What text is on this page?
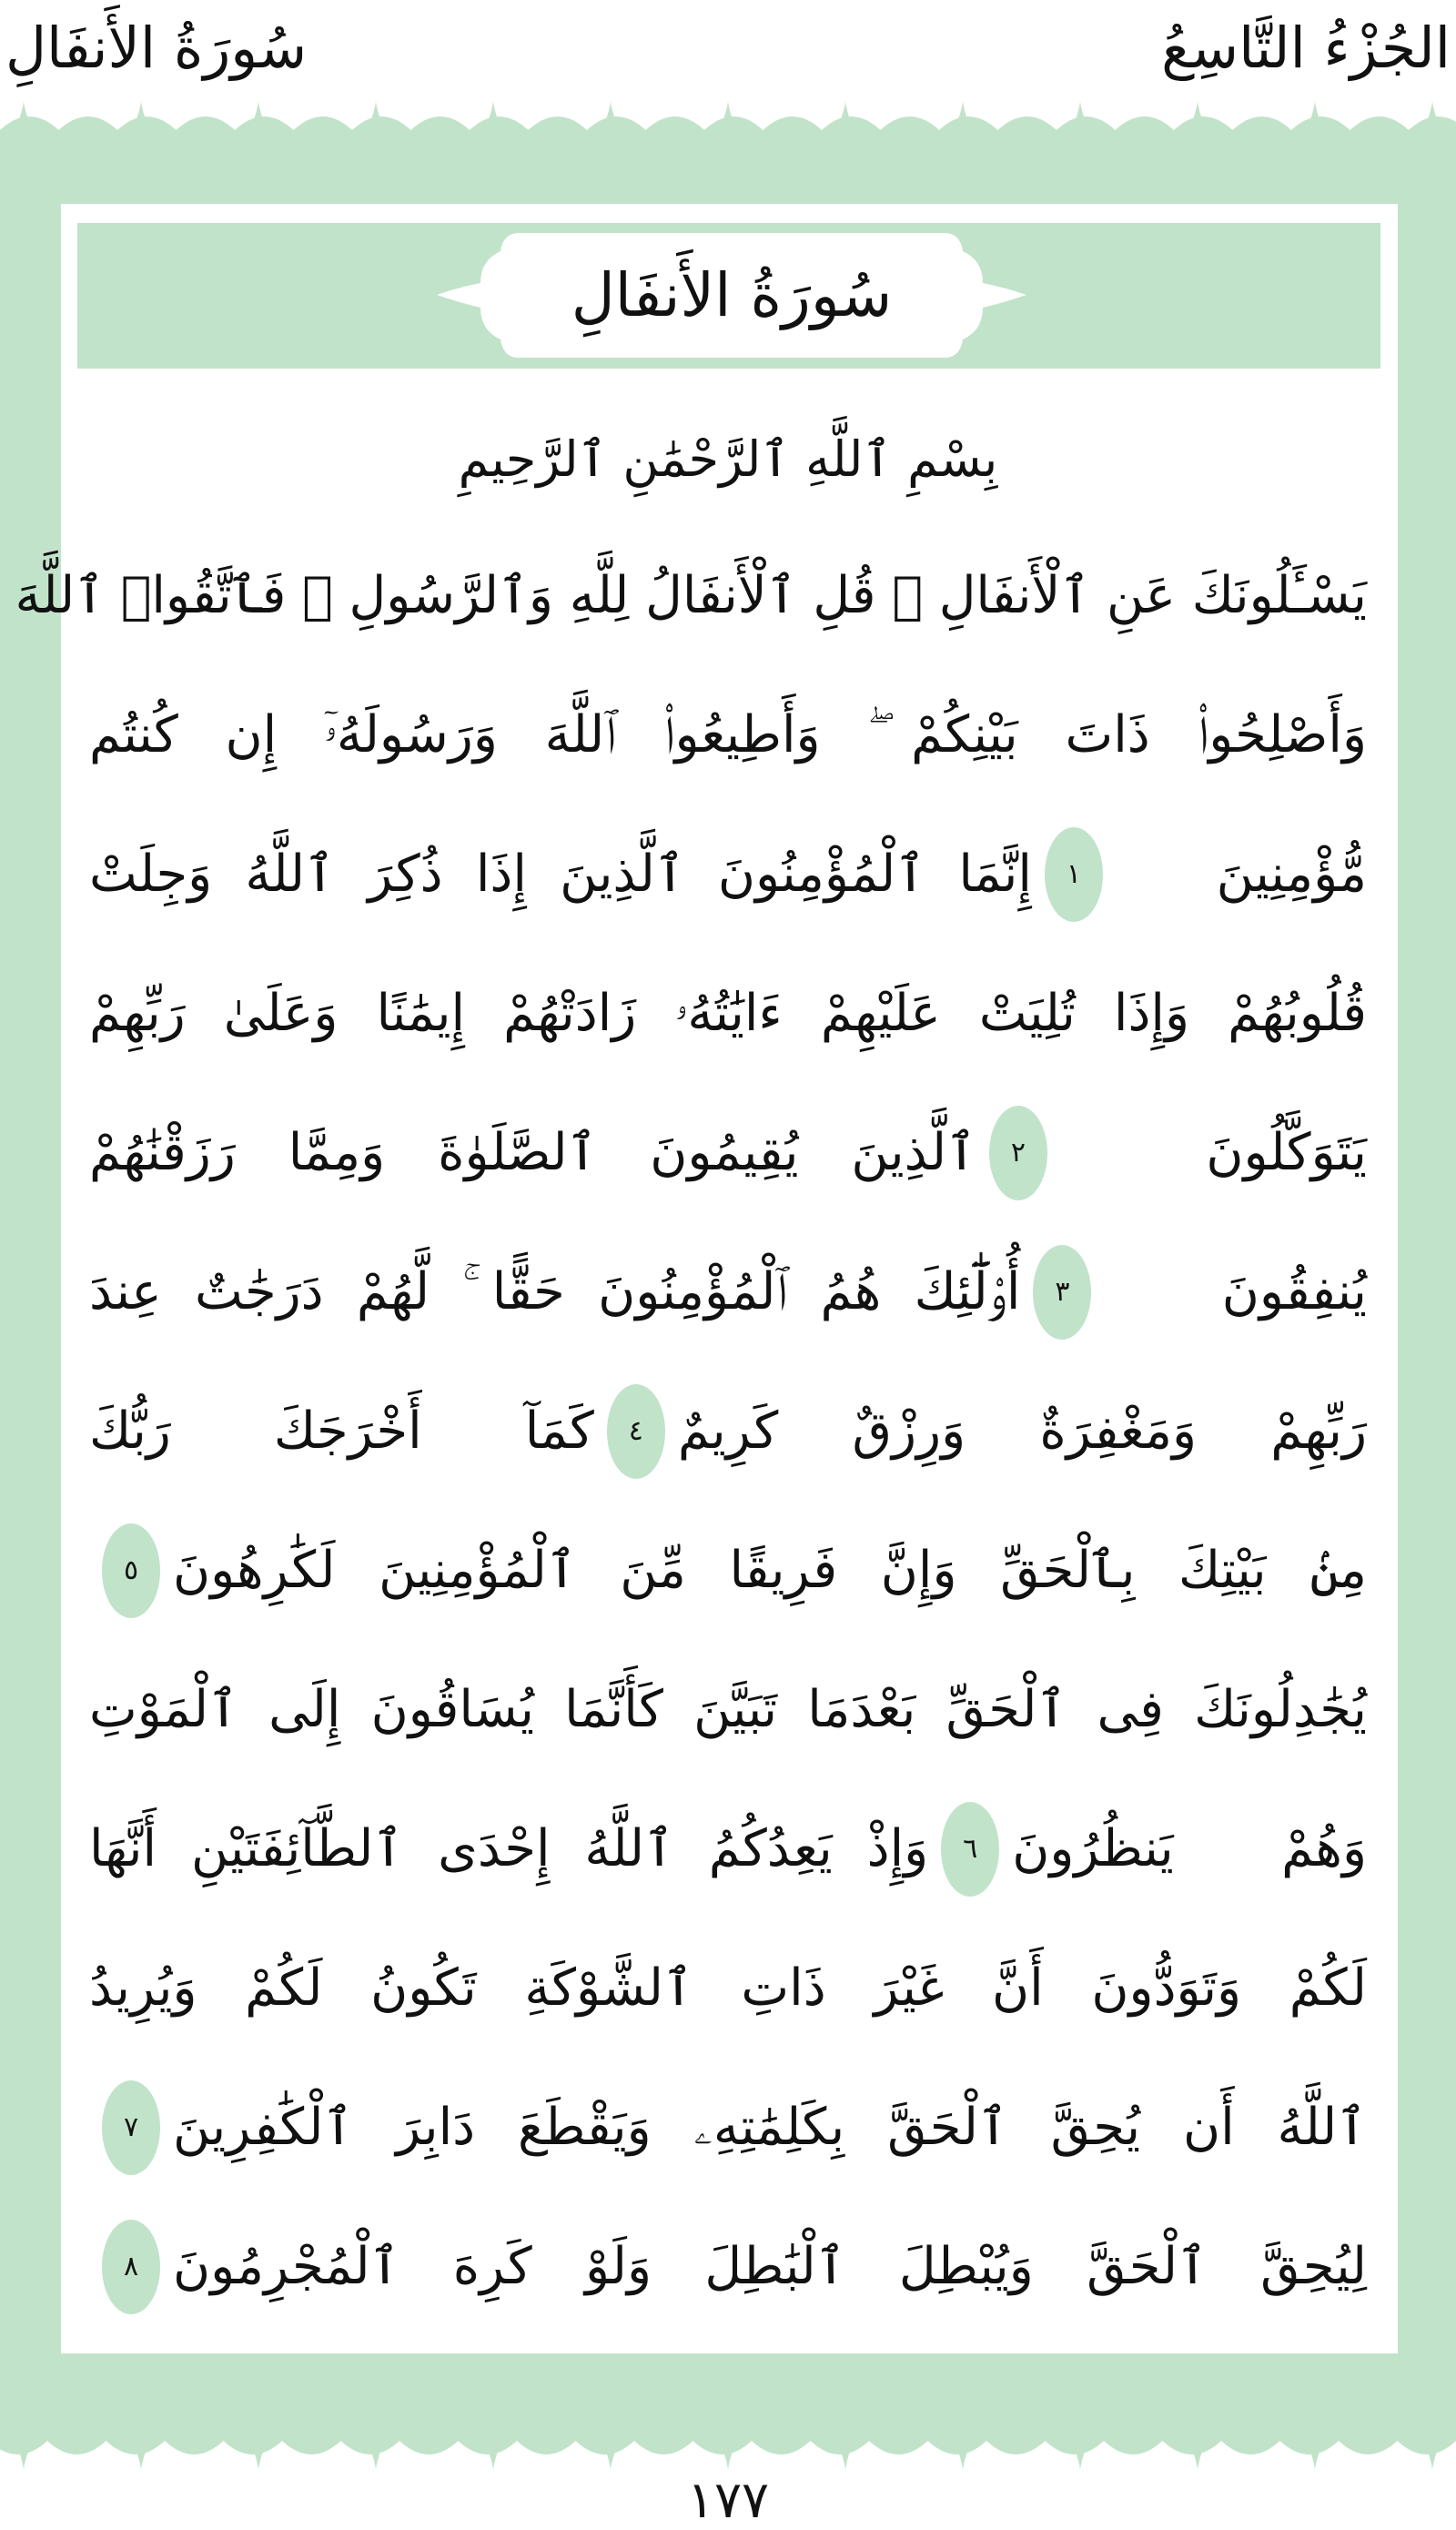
سُورَةُ الأَنفَالِ	الجُزْءُ التَّاسِعُ
سُورَةُ الأَنفَالِ
بِسْمِ ٱللَّهِ ٱلرَّحْمَٰنِ ٱلرَّحِيمِ
يَسْـَٔلُونَكَ عَنِ ٱلْأَنفَالِ ۖ قُلِ ٱلْأَنفَالُ لِلَّهِ وَٱلرَّسُولِ ۖ فَٱتَّقُوا۟ ٱللَّهَ
وَأَصْلِحُوا۟ ذَاتَ بَيْنِكُمْ ۖ وَأَطِيعُوا۟ ٱللَّهَ وَرَسُولَهُۥٓ إِن كُنتُم
مُّؤْمِنِينَ
١
إِنَّمَا ٱلْمُؤْمِنُونَ ٱلَّذِينَ إِذَا ذُكِرَ ٱللَّهُ وَجِلَتْ
قُلُوبُهُمْ وَإِذَا تُلِيَتْ عَلَيْهِمْ ءَايَٰتُهُۥ زَادَتْهُمْ إِيمَٰنًا وَعَلَىٰ رَبِّهِمْ
يَتَوَكَّلُونَ
٢
ٱلَّذِينَ يُقِيمُونَ ٱلصَّلَوٰةَ وَمِمَّا رَزَقْنَٰهُمْ
يُنفِقُونَ
٣
أُو۟لَٰٓئِكَ هُمُ ٱلْمُؤْمِنُونَ حَقًّا ۚ لَّهُمْ دَرَجَٰتٌ عِندَ
رَبِّهِمْ وَمَغْفِرَةٌ وَرِزْقٌ كَرِيمٌ
٤
كَمَآ أَخْرَجَكَ رَبُّكَ
مِنۢ بَيْتِكَ بِٱلْحَقِّ وَإِنَّ فَرِيقًا مِّنَ ٱلْمُؤْمِنِينَ لَكَٰرِهُونَ
٥
يُجَٰدِلُونَكَ فِى ٱلْحَقِّ بَعْدَمَا تَبَيَّنَ كَأَنَّمَا يُسَاقُونَ إِلَى ٱلْمَوْتِ
وَهُمْ يَنظُرُونَ
٦
وَإِذْ يَعِدُكُمُ ٱللَّهُ إِحْدَى ٱلطَّآئِفَتَيْنِ أَنَّهَا
لَكُمْ وَتَوَدُّونَ أَنَّ غَيْرَ ذَاتِ ٱلشَّوْكَةِ تَكُونُ لَكُمْ وَيُرِيدُ
ٱللَّهُ أَن يُحِقَّ ٱلْحَقَّ بِكَلِمَٰتِهِۦ وَيَقْطَعَ دَابِرَ ٱلْكَٰفِرِينَ
٧
لِيُحِقَّ ٱلْحَقَّ وَيُبْطِلَ ٱلْبَٰطِلَ وَلَوْ كَرِهَ ٱلْمُجْرِمُونَ
٨
١٧٧
